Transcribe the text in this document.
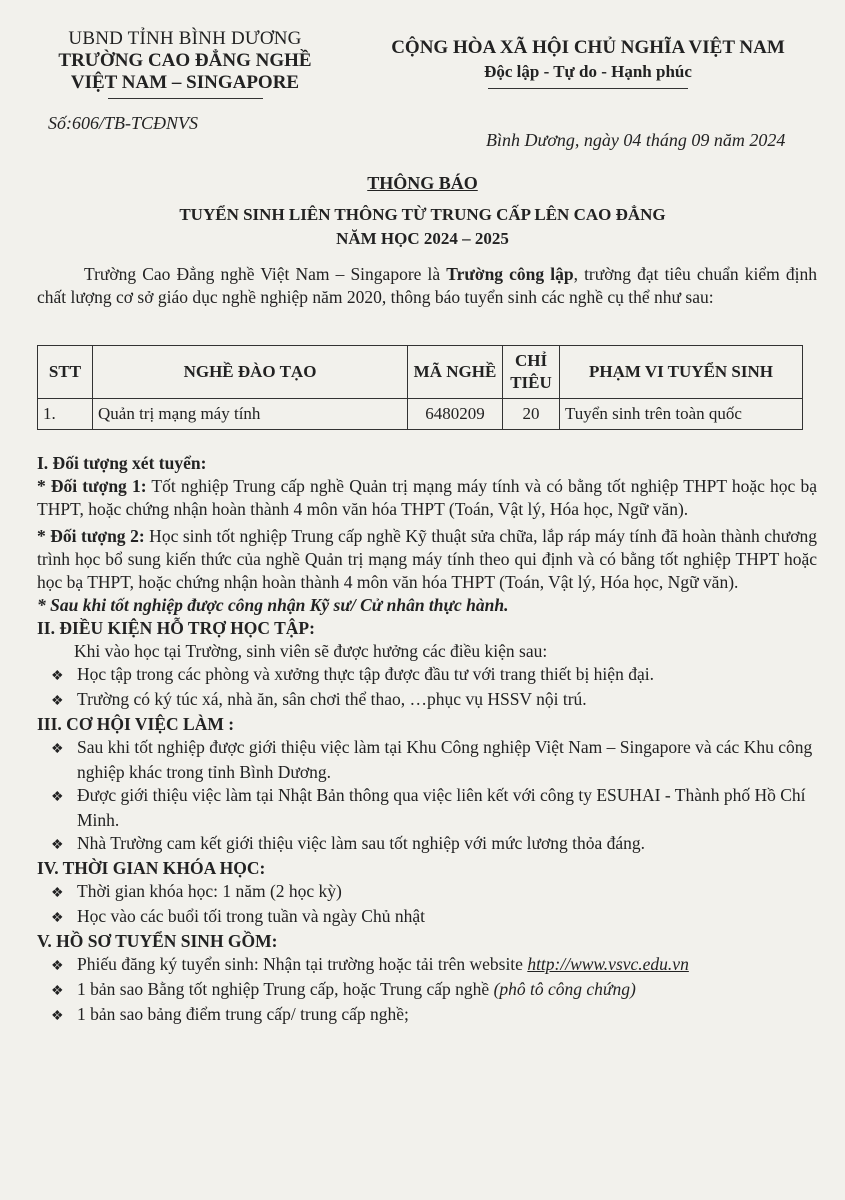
UBND TỈNH BÌNH DƯƠNG
TRƯỜNG CAO ĐẲNG NGHỀ
VIỆT NAM – SINGAPORE
CỘNG HÒA XÃ HỘI CHỦ NGHĨA VIỆT NAM
Độc lập - Tự do - Hạnh phúc
Số:606/TB-TCĐNVS
Bình Dương, ngày 04 tháng 09 năm 2024
THÔNG BÁO
TUYỂN SINH LIÊN THÔNG TỪ TRUNG CẤP LÊN CAO ĐẲNG
NĂM HỌC 2024 – 2025

Trường Cao Đẳng nghề Việt Nam – Singapore là Trường công lập, trường đạt tiêu chuẩn kiểm định chất lượng cơ sở giáo dục nghề nghiệp năm 2020, thông báo tuyển sinh các nghề cụ thể như sau:

STT	NGHỀ ĐÀO TẠO	MÃ NGHỀ	CHỈ TIÊU	PHẠM VI TUYỂN SINH
1.	Quản trị mạng máy tính	6480209	20	Tuyển sinh trên toàn quốc

I. Đối tượng xét tuyển:

* Đối tượng 1: Tốt nghiệp Trung cấp nghề Quản trị mạng máy tính và có bằng tốt nghiệp THPT hoặc học bạ THPT, hoặc chứng nhận hoàn thành 4 môn văn hóa THPT (Toán, Vật lý, Hóa học, Ngữ văn).

* Đối tượng 2: Học sinh tốt nghiệp Trung cấp nghề Kỹ thuật sửa chữa, lắp ráp máy tính đã hoàn thành chương trình học bổ sung kiến thức của nghề Quản trị mạng máy tính theo qui định và có bằng tốt nghiệp THPT hoặc học bạ THPT, hoặc chứng nhận hoàn thành 4 môn văn hóa THPT (Toán, Vật lý, Hóa học, Ngữ văn).

* Sau khi tốt nghiệp được công nhận Kỹ sư/ Cử nhân thực hành.

II. ĐIỀU KIỆN HỖ TRỢ HỌC TẬP:

Khi vào học tại Trường, sinh viên sẽ được hưởng các điều kiện sau:

❖ Học tập trong các phòng và xưởng thực tập được đầu tư với trang thiết bị hiện đại.

❖ Trường có ký túc xá, nhà ăn, sân chơi thể thao, …phục vụ HSSV nội trú.

III. CƠ HỘI VIỆC LÀM :

❖ Sau khi tốt nghiệp được giới thiệu việc làm tại Khu Công nghiệp Việt Nam – Singapore và các Khu công nghiệp khác trong tỉnh Bình Dương.

❖ Được giới thiệu việc làm tại Nhật Bản thông qua việc liên kết với công ty ESUHAI - Thành phố Hồ Chí Minh.

❖ Nhà Trường cam kết giới thiệu việc làm sau tốt nghiệp với mức lương thỏa đáng.

IV. THỜI GIAN KHÓA HỌC:

❖ Thời gian khóa học: 1 năm (2 học kỳ)

❖ Học vào các buổi tối trong tuần và ngày Chủ nhật

V. HỒ SƠ TUYỂN SINH GỒM:

❖ Phiếu đăng ký tuyển sinh: Nhận tại trường hoặc tải trên website http://www.vsvc.edu.vn

❖ 1 bản sao Bằng tốt nghiệp Trung cấp, hoặc Trung cấp nghề (phô tô công chứng)

❖ 1 bản sao bảng điểm trung cấp/ trung cấp nghề;
